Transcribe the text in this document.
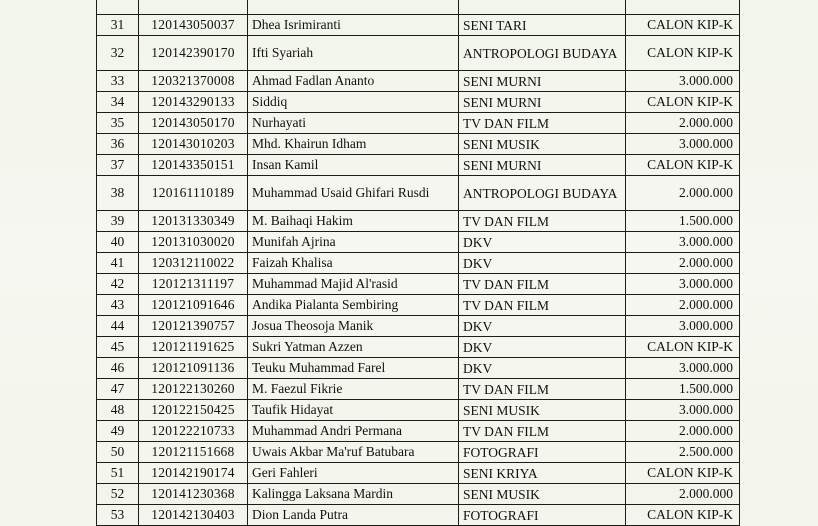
31	120143050037	Dhea Isrimiranti	SENI TARI	CALON KIP-K
32	120142390170	Ifti Syariah	ANTROPOLOGI BUDAYA	CALON KIP-K
33	120321370008	Ahmad Fadlan Ananto	SENI MURNI	3.000.000
34	120143290133	Siddiq	SENI MURNI	CALON KIP-K
35	120143050170	Nurhayati	TV DAN FILM	2.000.000
36	120143010203	Mhd. Khairun Idham	SENI MUSIK	3.000.000
37	120143350151	Insan Kamil	SENI MURNI	CALON KIP-K
38	120161110189	Muhammad Usaid Ghifari Rusdi	ANTROPOLOGI BUDAYA	2.000.000
39	120131330349	M. Baihaqi Hakim	TV DAN FILM	1.500.000
40	120131030020	Munifah Ajrina	DKV	3.000.000
41	120312110022	Faizah Khalisa	DKV	2.000.000
42	120121311197	Muhammad Majid Al'rasid	TV DAN FILM	3.000.000
43	120121091646	Andika Pialanta Sembiring	TV DAN FILM	2.000.000
44	120121390757	Josua Theosoja Manik	DKV	3.000.000
45	120121191625	Sukri Yatman Azzen	DKV	CALON KIP-K
46	120121091136	Teuku Muhammad Farel	DKV	3.000.000
47	120122130260	M. Faezul Fikrie	TV DAN FILM	1.500.000
48	120122150425	Taufik Hidayat	SENI MUSIK	3.000.000
49	120122210733	Muhammad Andri Permana	TV DAN FILM	2.000.000
50	120121151668	Uwais Akbar Ma'ruf Batubara	FOTOGRAFI	2.500.000
51	120142190174	Geri Fahleri	SENI KRIYA	CALON KIP-K
52	120141230368	Kalingga Laksana Mardin	SENI MUSIK	2.000.000
53	120142130403	Dion Landa Putra	FOTOGRAFI	CALON KIP-K
